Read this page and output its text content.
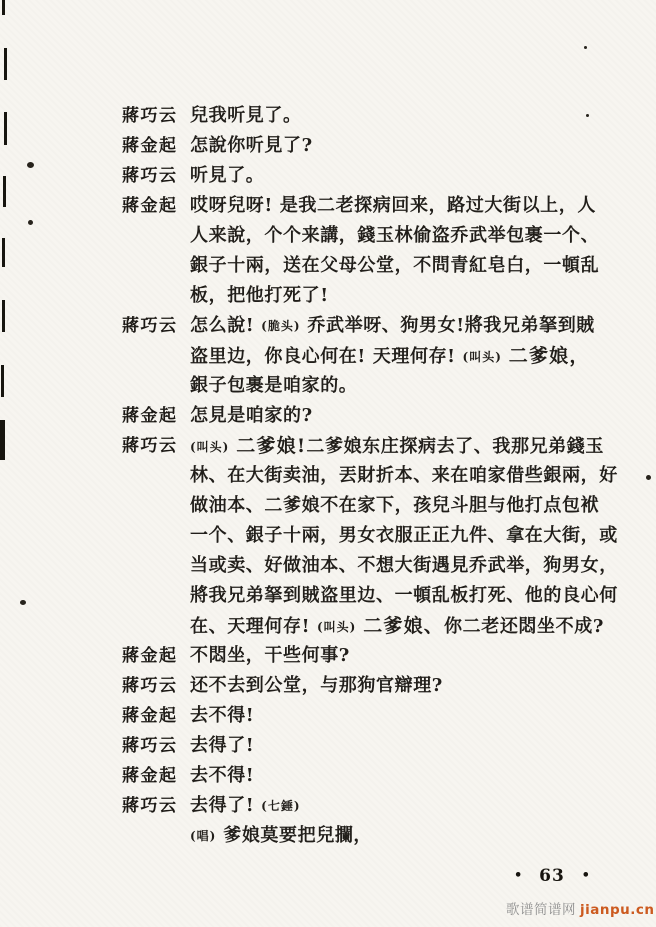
蔣巧云 兒我听見了。
蔣金起 怎說你听見了?
蔣巧云 听見了。
蔣金起 哎呀兒呀! 是我二老探病回来，路过大街以上，人
人来說，个个来講，錢玉林偷盗乔武举包裹一个、
銀子十兩，送在父母公堂，不問青紅皂白，一頓乱
板，把他打死了!
蔣巧云 怎么說! (脆头) 乔武举呀、狗男女!將我兄弟拏到賊
盗里边，你良心何在! 天理何存! (叫头) 二爹娘，
銀子包裹是咱家的。
蔣金起 怎見是咱家的?
蔣巧云	(叫头) 二爹娘!二爹娘东庄探病去了、我那兄弟錢玉
林、在大街卖油，丟財折本、来在咱家借些銀兩，好
做油本、二爹娘不在家下，孩兒斗胆与他打点包袱
一个、銀子十兩，男女衣服正正九件、拿在大街，或
当或卖、好做油本、不想大街遇見乔武举，狗男女，
將我兄弟拏到賊盗里边、一頓乱板打死、他的良心何
在、天理何存! (叫头) 二爹娘、你二老还悶坐不成?
蔣金起 不悶坐，干些何事?
蔣巧云 还不去到公堂，与那狗官辯理?
蔣金起 去不得!
蔣巧云 去得了!
蔣金起 去不得!
蔣巧云 去得了! (七錘)
(唱) 爹娘莫要把兒攔，
• 63 •
歌谱简谱网 jianpu.cn
